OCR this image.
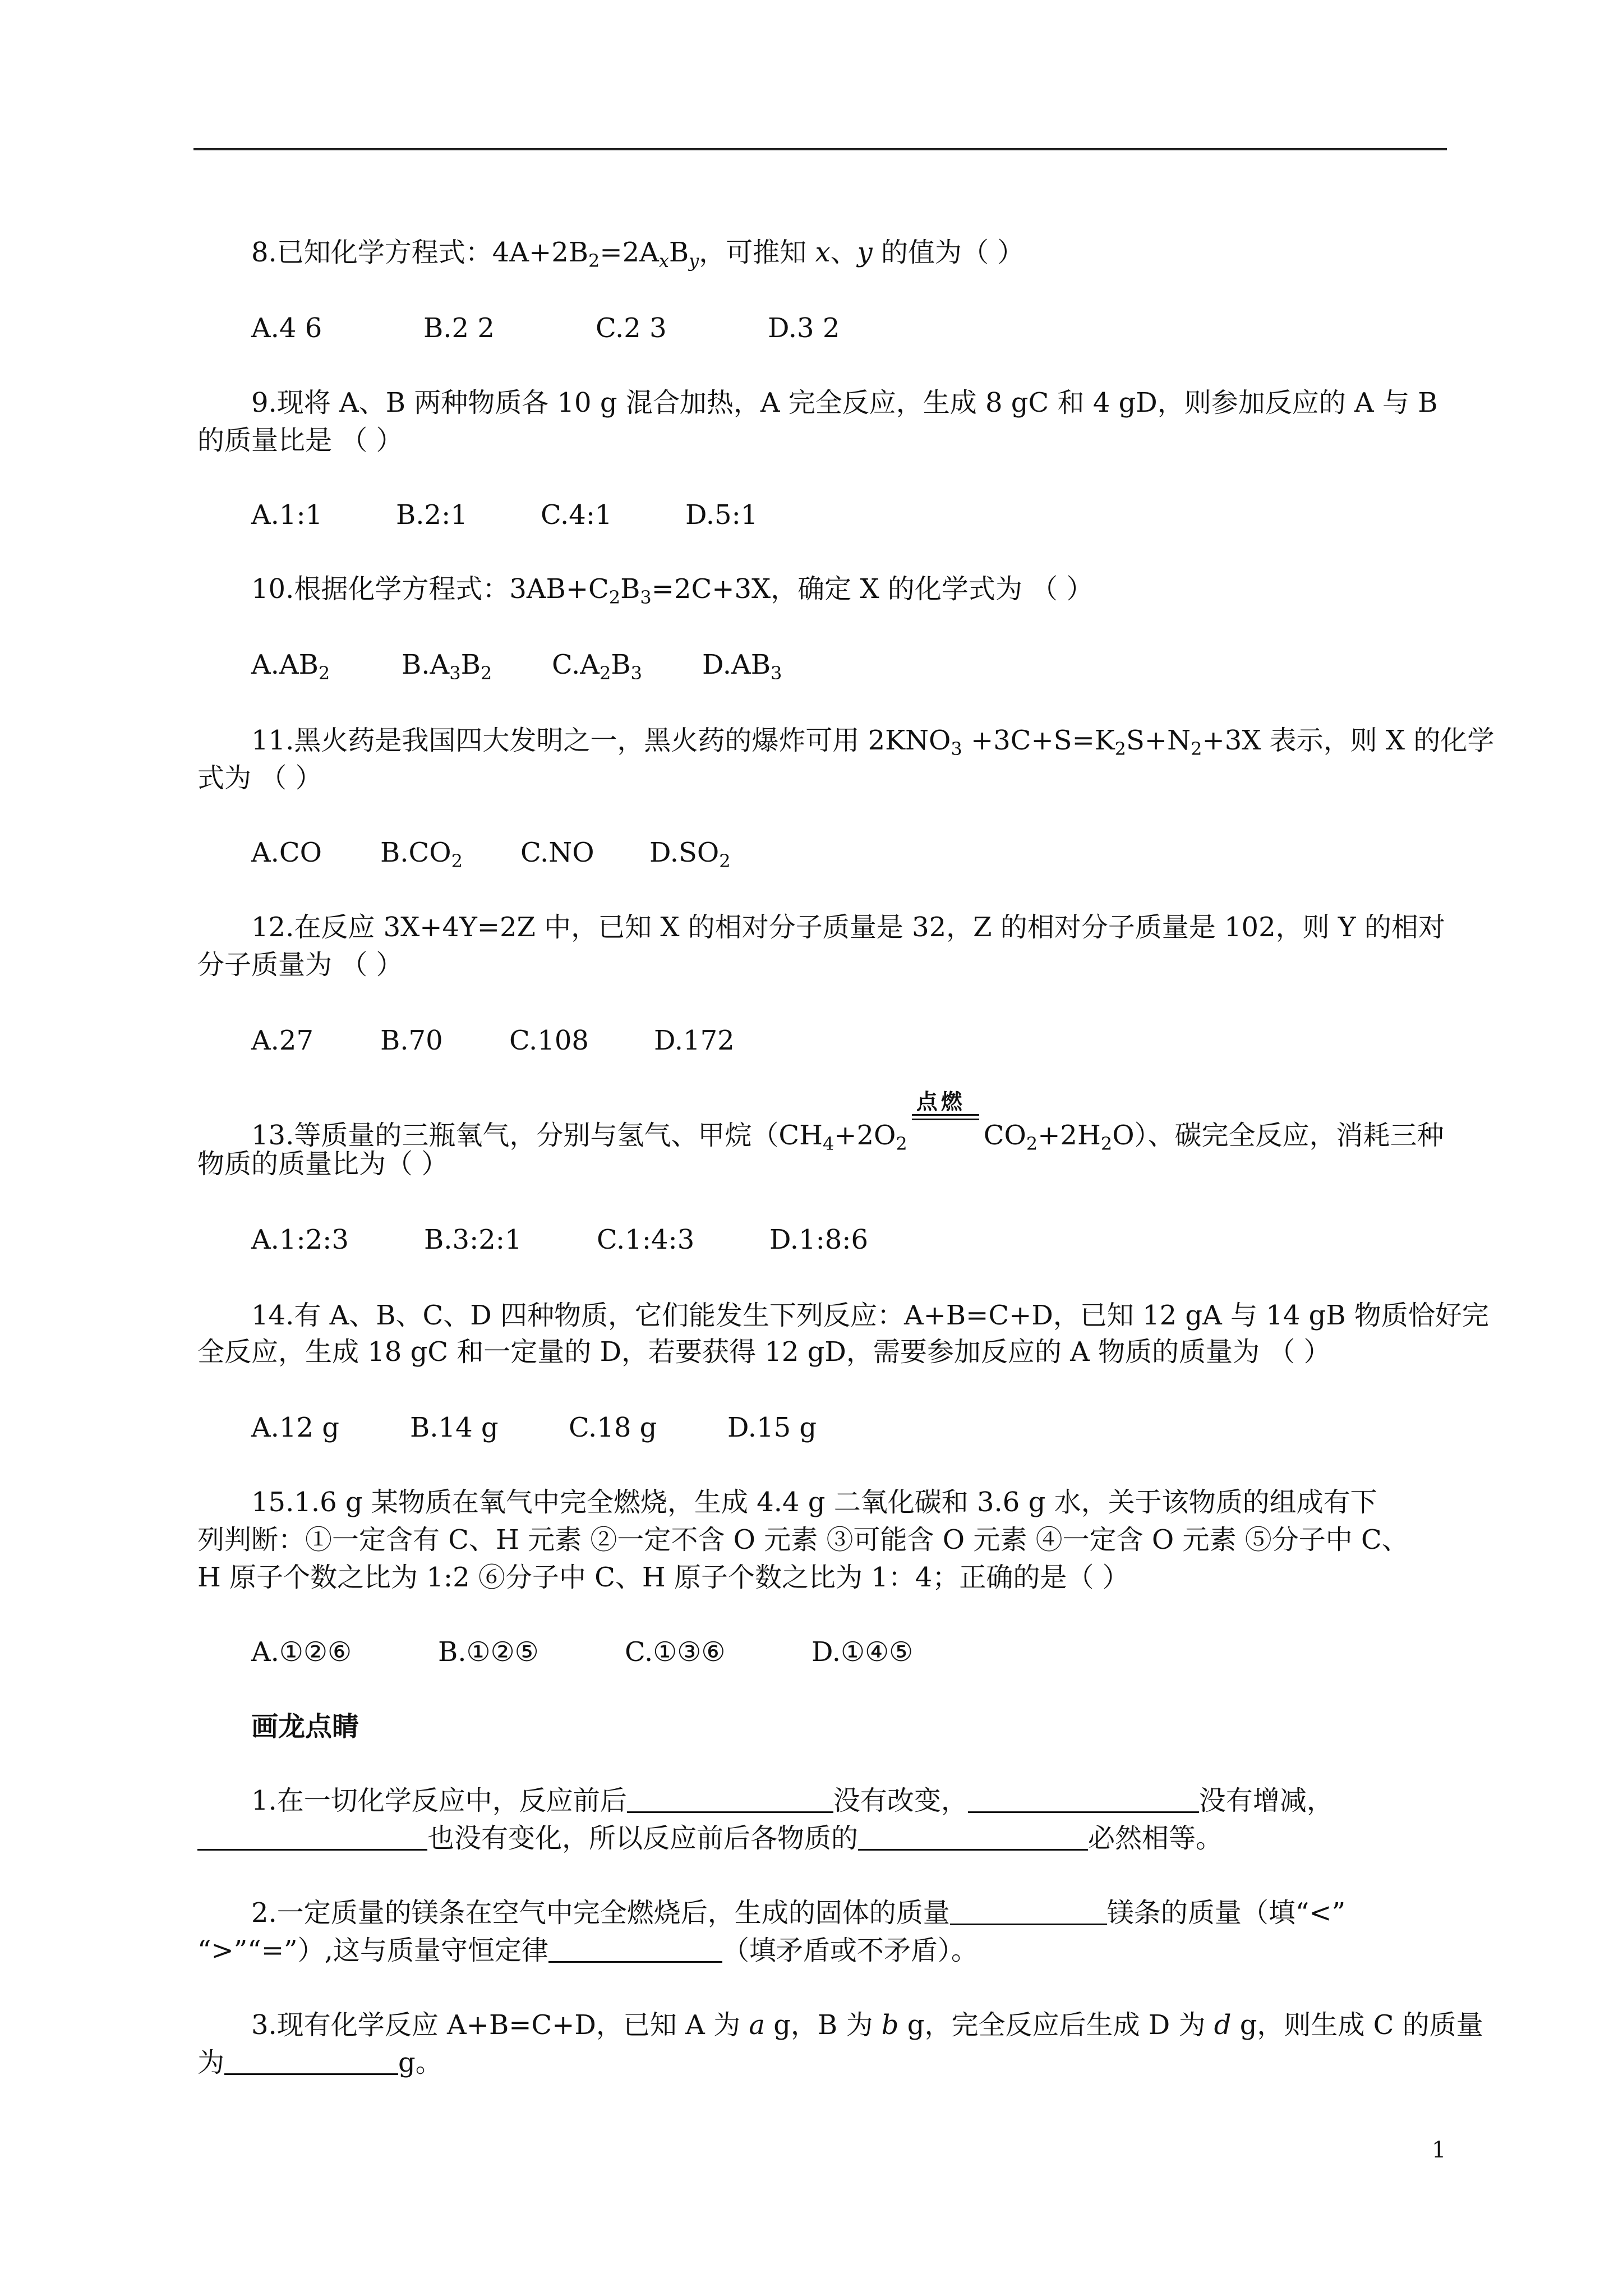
8.已知化学方程式：$4A+2B_2=2A_xB_y$，可推知 x、y 的值为（ ）
A.4 6	B.2 2	C.2 3	D.3 2
9.现将 A、B 两种物质各 10 g 混合加热，A 完全反应，生成 8 gC 和 4 gD，则参加反应的 A 与 B
的质量比是 （ ）
A.1:1	B.2:1	C.4:1	D.5:1
10.根据化学方程式：$3AB+C_2B_3=2C+3X$，确定 X 的化学式为 （ ）
$A.AB_2$	$B.A_3B_2$ $C.A_2B_3$ $D.AB_3$
11.黑火药是我国四大发明之一，黑火药的爆炸可用 $2KNO_3 +3C+S=K_2S+N_2+3X$ 表示，则 X 的化学
式为 （ ）
A.CO $B.CO_2$ C.NO $D.SO_2$
12.在反应 3X+4Y=2Z 中，已知 X 的相对分子质量是 32，Z 的相对分子质量是 102，则 Y 的相对
分子质量为 （ ）
A.27 B.70 C.108 D.172
13.等质量的三瓶氧气，分别与氢气、甲烷（$CH_4+2O_2$
点燃
$CO_2+2H_2O$）、碳完全反应，消耗三种
物质的质量比为（ ）
A.1:2:3	B.3:2:1	C.1:4:3	D.1:8:6
14.有 A、B、C、D 四种物质，它们能发生下列反应：A+B=C+D，已知 12 gA 与 14 gB 物质恰好完
全反应，生成 18 gC 和一定量的 D，若要获得 12 gD，需要参加反应的 A 物质的质量为 （ ）
A.12 g	B.14 g	C.18 g	D.15 g
15.1.6 g 某物质在氧气中完全燃烧，生成 4.4 g 二氧化碳和 3.6 g 水，关于该物质的组成有下
列判断：①一定含有 C、H 元素 ②一定不含 O 元素 ③可能含 O 元素 ④一定含 O 元素 ⑤分子中 C、
H 原子个数之比为 1:2 ⑥分子中 C、H 原子个数之比为 1：4；正确的是（ ）
A.①②⑥	B.①②⑤	C.①③⑥	D.①④⑤
画龙点睛
1.在一切化学反应中，反应前后	没有改变，	没有增减，
也没有变化，所以反应前后各物质的	必然相等。
2.一定质量的镁条在空气中完全燃烧后，生成的固体的质量	镁条的质量（填“<”
“>”“=”）,这与质量守恒定律	（填矛盾或不矛盾）。
3.现有化学反应 A+B=C+D，已知 A 为 a g，B 为 b g，完全反应后生成 D 为 d g，则生成 C 的质量
为	g。
1
